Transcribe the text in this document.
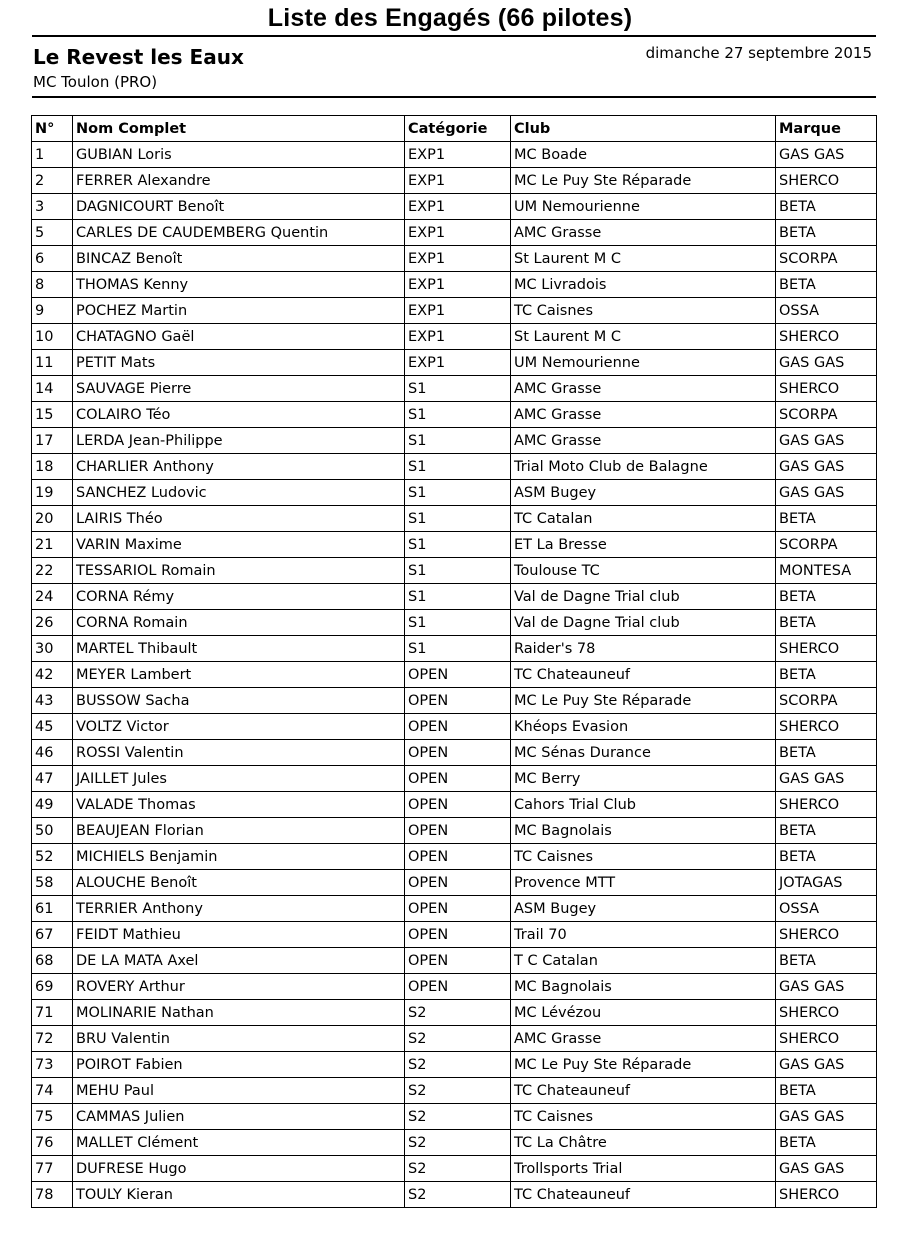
Liste des Engagés (66 pilotes)
Le Revest les Eaux	dimanche 27 septembre 2015
MC Toulon (PRO)
N°	Nom Complet	Catégorie	Club	Marque
1	GUBIAN Loris	EXP1	MC Boade	GAS GAS
2	FERRER Alexandre	EXP1	MC Le Puy Ste Réparade	SHERCO
3	DAGNICOURT Benoît	EXP1	UM Nemourienne	BETA
5	CARLES DE CAUDEMBERG Quentin	EXP1	AMC Grasse	BETA
6	BINCAZ Benoît	EXP1	St Laurent M C	SCORPA
8	THOMAS Kenny	EXP1	MC Livradois	BETA
9	POCHEZ Martin	EXP1	TC Caisnes	OSSA
10	CHATAGNO Gaël	EXP1	St Laurent M C	SHERCO
11	PETIT Mats	EXP1	UM Nemourienne	GAS GAS
14	SAUVAGE Pierre	S1	AMC Grasse	SHERCO
15	COLAIRO Téo	S1	AMC Grasse	SCORPA
17	LERDA Jean-Philippe	S1	AMC Grasse	GAS GAS
18	CHARLIER Anthony	S1	Trial Moto Club de Balagne	GAS GAS
19	SANCHEZ Ludovic	S1	ASM Bugey	GAS GAS
20	LAIRIS Théo	S1	TC Catalan	BETA
21	VARIN Maxime	S1	ET La Bresse	SCORPA
22	TESSARIOL Romain	S1	Toulouse TC	MONTESA
24	CORNA Rémy	S1	Val de Dagne Trial club	BETA
26	CORNA Romain	S1	Val de Dagne Trial club	BETA
30	MARTEL Thibault	S1	Raider's 78	SHERCO
42	MEYER Lambert	OPEN	TC Chateauneuf	BETA
43	BUSSOW Sacha	OPEN	MC Le Puy Ste Réparade	SCORPA
45	VOLTZ Victor	OPEN	Khéops Evasion	SHERCO
46	ROSSI Valentin	OPEN	MC Sénas Durance	BETA
47	JAILLET Jules	OPEN	MC Berry	GAS GAS
49	VALADE Thomas	OPEN	Cahors Trial Club	SHERCO
50	BEAUJEAN Florian	OPEN	MC Bagnolais	BETA
52	MICHIELS Benjamin	OPEN	TC Caisnes	BETA
58	ALOUCHE Benoît	OPEN	Provence MTT	JOTAGAS
61	TERRIER Anthony	OPEN	ASM Bugey	OSSA
67	FEIDT Mathieu	OPEN	Trail 70	SHERCO
68	DE LA MATA Axel	OPEN	T C Catalan	BETA
69	ROVERY Arthur	OPEN	MC Bagnolais	GAS GAS
71	MOLINARIE Nathan	S2	MC Lévézou	SHERCO
72	BRU Valentin	S2	AMC Grasse	SHERCO
73	POIROT Fabien	S2	MC Le Puy Ste Réparade	GAS GAS
74	MEHU Paul	S2	TC Chateauneuf	BETA
75	CAMMAS Julien	S2	TC Caisnes	GAS GAS
76	MALLET Clément	S2	TC La Châtre	BETA
77	DUFRESE Hugo	S2	Trollsports Trial	GAS GAS
78	TOULY Kieran	S2	TC Chateauneuf	SHERCO
